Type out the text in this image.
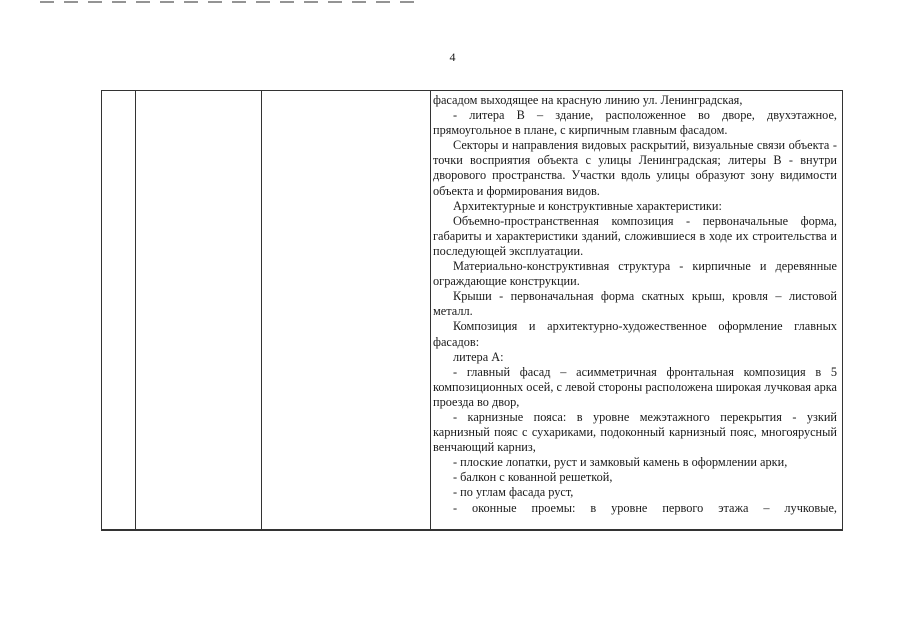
4

фасадом выходящее на красную линию ул. Ленинградская,

- литера В – здание, расположенное во дворе, двухэтажное, прямоугольное в плане, с кирпичным главным фасадом.

Секторы и направления видовых раскрытий, визуальные связи объекта - точки восприятия объекта с улицы Ленинградская; литеры В - внутри дворового пространства. Участки вдоль улицы образуют зону видимости объекта и формирования видов.

Архитектурные и конструктивные характеристики:

Объемно-пространственная композиция - первоначальные форма, габариты и характеристики зданий, сложившиеся в ходе их строительства и последующей эксплуатации.

Материально-конструктивная структура - кирпичные и деревянные ограждающие конструкции.

Крыши - первоначальная форма скатных крыш, кровля – листовой металл.

Композиция и архитектурно-художественное оформление главных фасадов:

литера А:

- главный фасад – асимметричная фронтальная композиция в 5 композиционных осей, с левой стороны расположена широкая лучковая арка проезда во двор,

- карнизные пояса: в уровне межэтажного перекрытия - узкий карнизный пояс с сухариками, подоконный карнизный пояс, многоярусный венчающий карниз,

- плоские лопатки, руст и замковый камень в оформлении арки,

- балкон с кованной решеткой,

- по углам фасада руст,

- оконные проемы: в уровне первого этажа – лучковые,
